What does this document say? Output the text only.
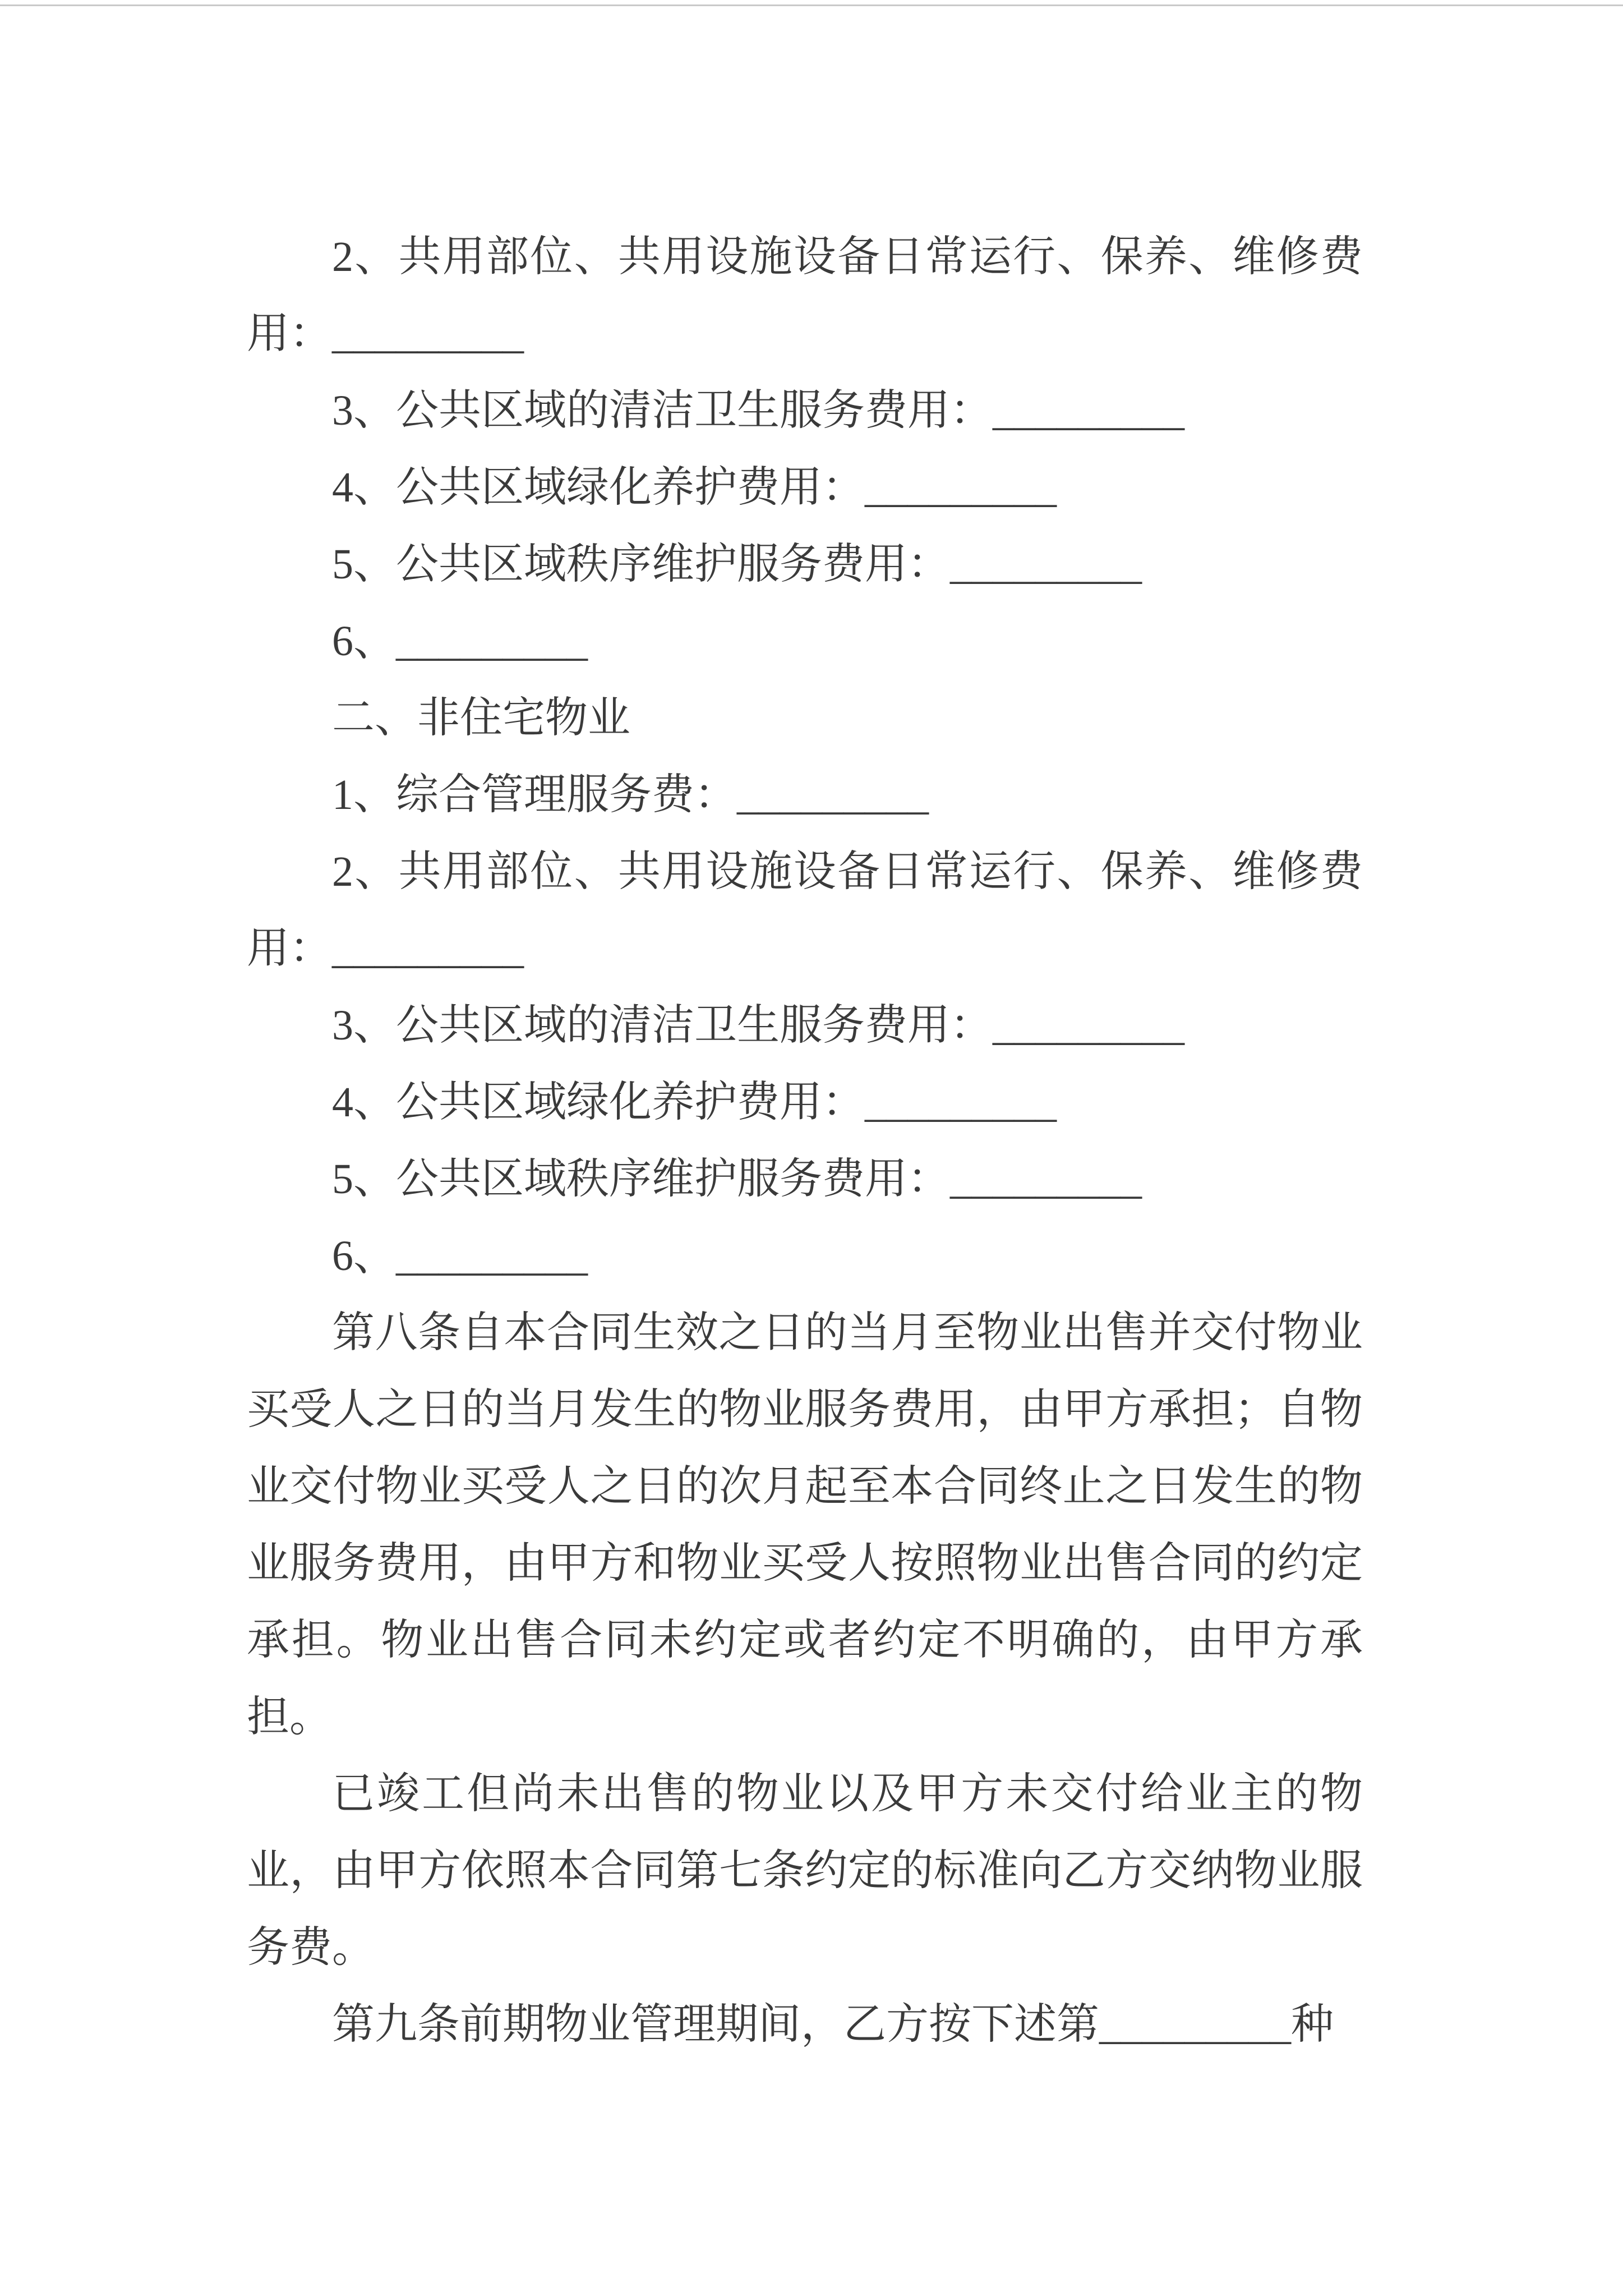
2、共用部位、共用设施设备日常运行、保养、维修费用：_________

3、公共区域的清洁卫生服务费用：_________

4、公共区域绿化养护费用：_________

5、公共区域秩序维护服务费用：_________

6、_________

二、非住宅物业

1、综合管理服务费：_________

2、共用部位、共用设施设备日常运行、保养、维修费用：_________

3、公共区域的清洁卫生服务费用：_________

4、公共区域绿化养护费用：_________

5、公共区域秩序维护服务费用：_________

6、_________

第八条自本合同生效之日的当月至物业出售并交付物业买受人之日的当月发生的物业服务费用，由甲方承担；自物业交付物业买受人之日的次月起至本合同终止之日发生的物业服务费用，由甲方和物业买受人按照物业出售合同的约定承担。物业出售合同未约定或者约定不明确的，由甲方承担。

已竣工但尚未出售的物业以及甲方未交付给业主的物业，由甲方依照本合同第七条约定的标准向乙方交纳物业服务费。

第九条前期物业管理期间，乙方按下述第_________种
